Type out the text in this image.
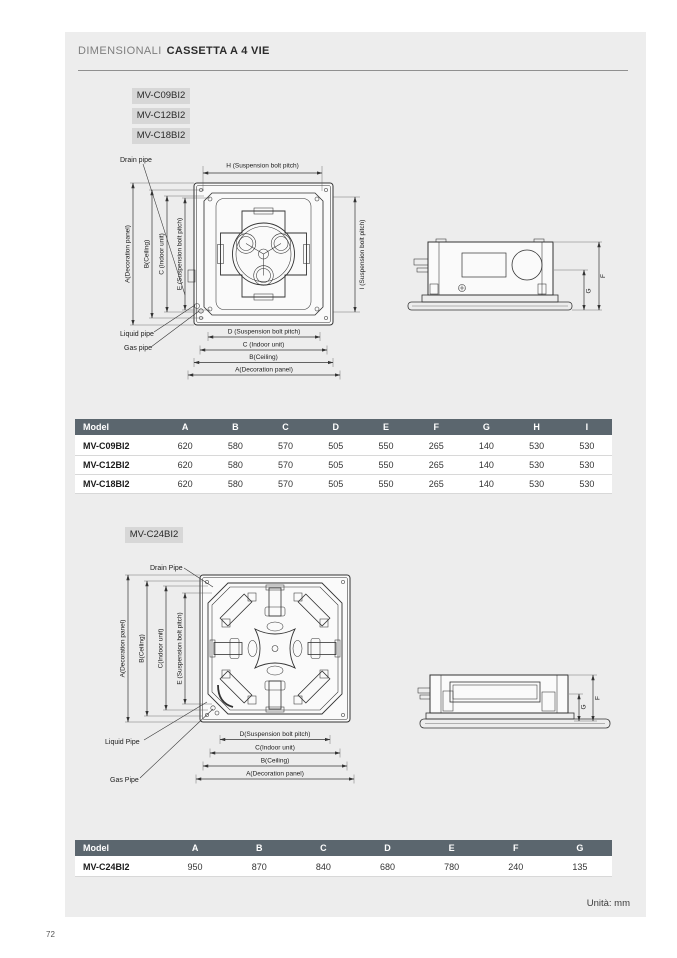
DIMENSIONALI CASSETTA A 4 VIE
MV-C09BI2
MV-C12BI2
MV-C18BI2
H (Suspension bolt pitch)
A(Decoration panel) B(Ceiling) C (Indoor unit) E (Suspension bolt pitch)	I (Suspension bolt pitch)
D (Suspension bolt pitch)
C (Indoor unit)
B(Ceiling)
A(Decoration panel)
Drain pipe
Liquid pipe
Gas pipe
F
G
Model	A	B	C	D	E	F	G	H	I
MV-C09BI2	620	580	570	505	550	265	140	530	530
MV-C12BI2	620	580	570	505	550	265	140	530	530
MV-C18BI2	620	580	570	505	550	265	140	530	530
MV-C24BI2
A(Decoration panel) B(Ceiling) C(Indoor unit) E (Suspension bolt pitch)
D(Suspension bolt pitch)
C(Indoor unit)
B(Ceiling)
A(Decoration panel)
Drain Pipe
Liquid Pipe
Gas Pipe
F
G
Model	A	B	C	D	E	F	G
MV-C24BI2	950	870	840	680	780	240	135
Unità: mm
72
